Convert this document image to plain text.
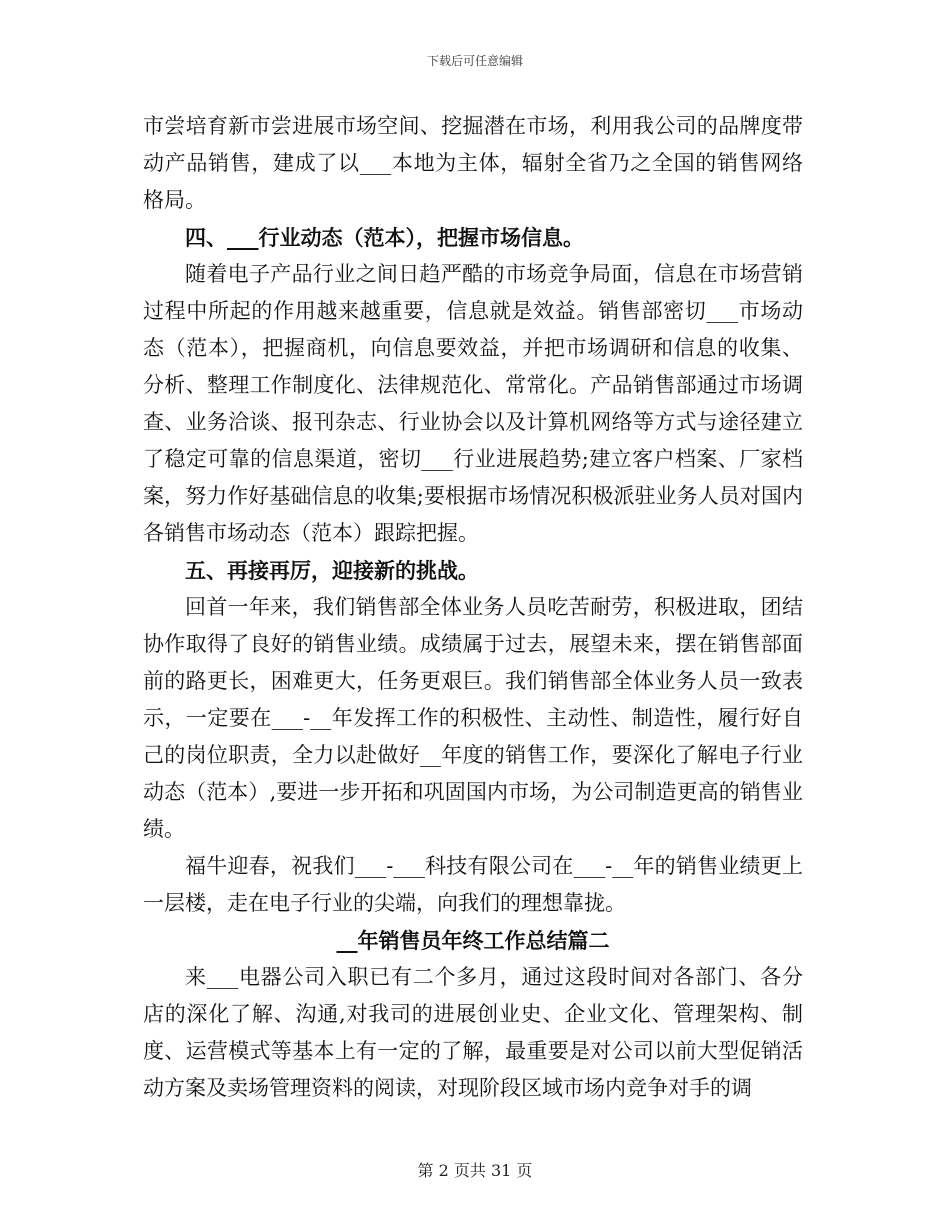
下载后可任意编辑

市尝培育新市尝进展市场空间、挖掘潜在市场，利用我公司的品牌度带动产品销售，建成了以___本地为主体，辐射全省乃之全国的销售网络格局。

四、___行业动态（范本），把握市场信息。

随着电子产品行业之间日趋严酷的市场竞争局面，信息在市场营销过程中所起的作用越来越重要，信息就是效益。销售部密切___市场动态（范本），把握商机，向信息要效益，并把市场调研和信息的收集、分析、整理工作制度化、法律规范化、常常化。产品销售部通过市场调查、业务洽谈、报刊杂志、行业协会以及计算机网络等方式与途径建立了稳定可靠的信息渠道，密切___行业进展趋势;建立客户档案、厂家档案，努力作好基础信息的收集;要根据市场情况积极派驻业务人员对国内各销售市场动态（范本）跟踪把握。

五、再接再厉，迎接新的挑战。

回首一年来，我们销售部全体业务人员吃苦耐劳，积极进取，团结协作取得了良好的销售业绩。成绩属于过去，展望未来，摆在销售部面前的路更长，困难更大，任务更艰巨。我们销售部全体业务人员一致表示，一定要在___-__年发挥工作的积极性、主动性、制造性，履行好自己的岗位职责，全力以赴做好__年度的销售工作，要深化了解电子行业动态（范本）,要进一步开拓和巩固国内市场，为公司制造更高的销售业绩。

福牛迎春，祝我们___-___科技有限公司在___-__年的销售业绩更上一层楼，走在电子行业的尖端，向我们的理想靠拢。

__年销售员年终工作总结篇二

来___电器公司入职已有二个多月，通过这段时间对各部门、各分店的深化了解、沟通,对我司的进展创业史、企业文化、管理架构、制度、运营模式等基本上有一定的了解，最重要是对公司以前大型促销活动方案及卖场管理资料的阅读，对现阶段区域市场内竞争对手的调

第 2 页共 31 页
